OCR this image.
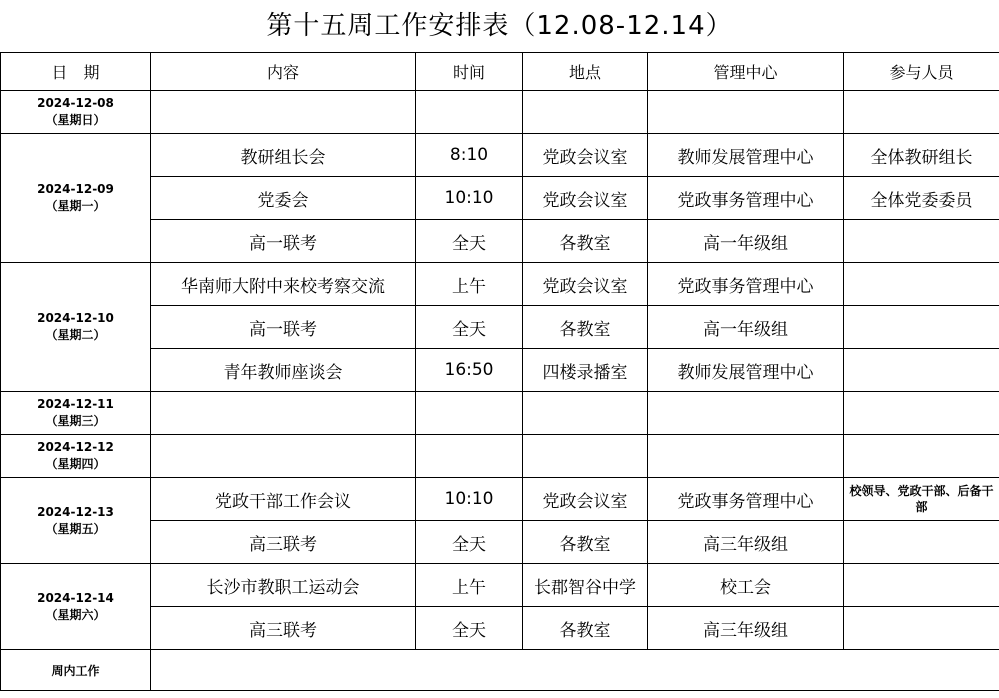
第十五周工作安排表（12.08-12.14）
日　期	内容	时间	地点	管理中心	参与人员

2024-12-08
（星期日）					

2024-12-09
（星期一）	教研组长会	8:10	党政会议室	教师发展管理中心	全体教研组长
	党委会	10:10	党政会议室	党政事务管理中心	全体党委委员
	高一联考	全天	各教室	高一年级组	

2024-12-10
（星期二）	华南师大附中来校考察交流	上午	党政会议室	党政事务管理中心	
	高一联考	全天	各教室	高一年级组	
	青年教师座谈会	16:50	四楼录播室	教师发展管理中心	

2024-12-11
（星期三）					

2024-12-12
（星期四）					

2024-12-13
（星期五）	党政干部工作会议	10:10	党政会议室	党政事务管理中心	校领导、党政干部、后备干部
	高三联考	全天	各教室	高三年级组	

2024-12-14
（星期六）	长沙市教职工运动会	上午	长郡智谷中学	校工会	
	高三联考	全天	各教室	高三年级组	
周内工作					
